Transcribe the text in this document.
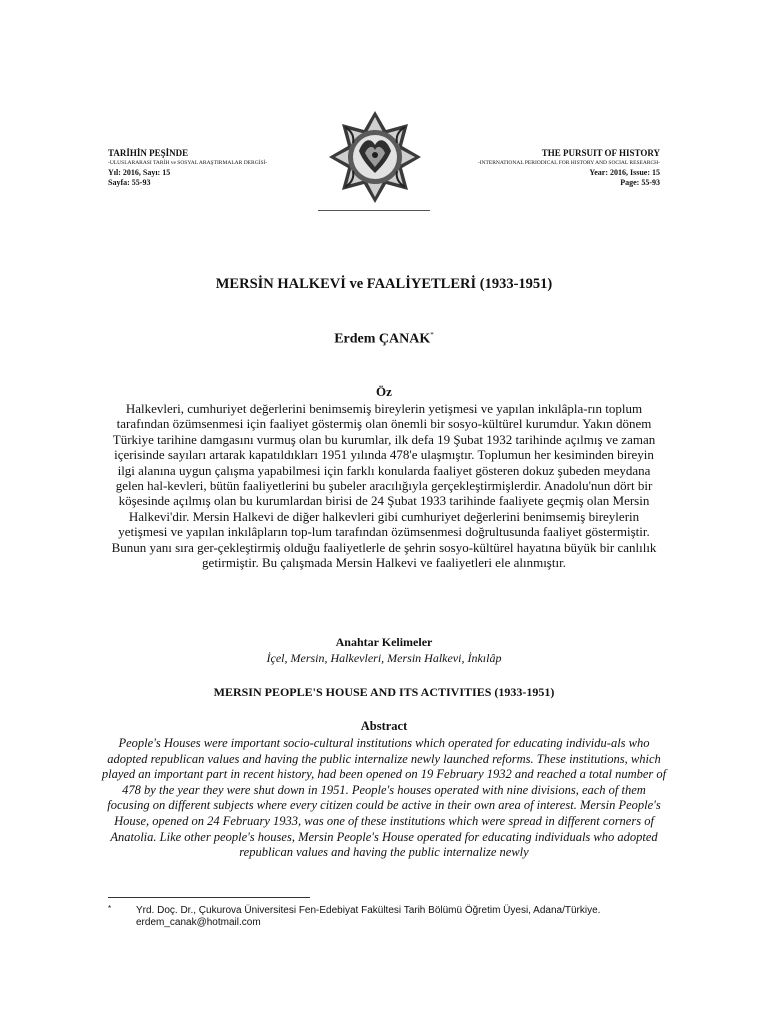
TARİHİN PEŞİNDE
-ULUSLARARASI TARİH ve SOSYAL ARAŞTIRMALAR DERGİSİ-
Yıl: 2016, Sayı: 15
Sayfa: 55-93
THE PURSUIT OF HISTORY
-INTERNATIONAL PERIODICAL FOR HISTORY AND SOCIAL RESEARCH-
Year: 2016, Issue: 15
Page: 55-93
MERSİN HALKEVİ ve FAALİYETLERİ (1933-1951)
Erdem ÇANAK*
Öz

Halkevleri, cumhuriyet değerlerini benimsemiş bireylerin yetişmesi ve yapılan inkılâpla-rın toplum tarafından özümsenmesi için faaliyet göstermiş olan önemli bir sosyo-kültürel kurumdur. Yakın dönem Türkiye tarihine damgasını vurmuş olan bu kurumlar, ilk defa 19 Şubat 1932 tarihinde açılmış ve zaman içerisinde sayıları artarak kapatıldıkları 1951 yılında 478'e ulaşmıştır. Toplumun her kesiminden bireyin ilgi alanına uygun çalışma yapabilmesi için farklı konularda faaliyet gösteren dokuz şubeden meydana gelen hal-kevleri, bütün faaliyetlerini bu şubeler aracılığıyla gerçekleştirmişlerdir. Anadolu'nun dört bir köşesinde açılmış olan bu kurumlardan birisi de 24 Şubat 1933 tarihinde faaliyete geçmiş olan Mersin Halkevi'dir. Mersin Halkevi de diğer halkevleri gibi cumhuriyet değerlerini benimsemiş bireylerin yetişmesi ve yapılan inkılâpların top-lum tarafından özümsenmesi doğrultusunda faaliyet göstermiştir. Bunun yanı sıra ger-çekleştirmiş olduğu faaliyetlerle de şehrin sosyo-kültürel hayatına büyük bir canlılık getirmiştir. Bu çalışmada Mersin Halkevi ve faaliyetleri ele alınmıştır.

Anahtar Kelimeler
İçel, Mersin, Halkevleri, Mersin Halkevi, İnkılâp
MERSIN PEOPLE'S HOUSE AND ITS ACTIVITIES (1933-1951)
Abstract

People's Houses were important socio-cultural institutions which operated for educating individu-als who adopted republican values and having the public internalize newly launched reforms. These institutions, which played an important part in recent history, had been opened on 19 February 1932 and reached a total number of 478 by the year they were shut down in 1951. People's houses operated with nine divisions, each of them focusing on different subjects where every citizen could be active in their own area of interest. Mersin People's House, opened on 24 February 1933, was one of these institutions which were spread in different corners of Anatolia. Like other people's houses, Mersin People's House operated for educating individuals who adopted republican values and having the public internalize newly

* Yrd. Doç. Dr., Çukurova Üniversitesi Fen-Edebiyat Fakültesi Tarih Bölümü Öğretim Üyesi, Adana/Türkiye.
erdem_canak@hotmail.com
